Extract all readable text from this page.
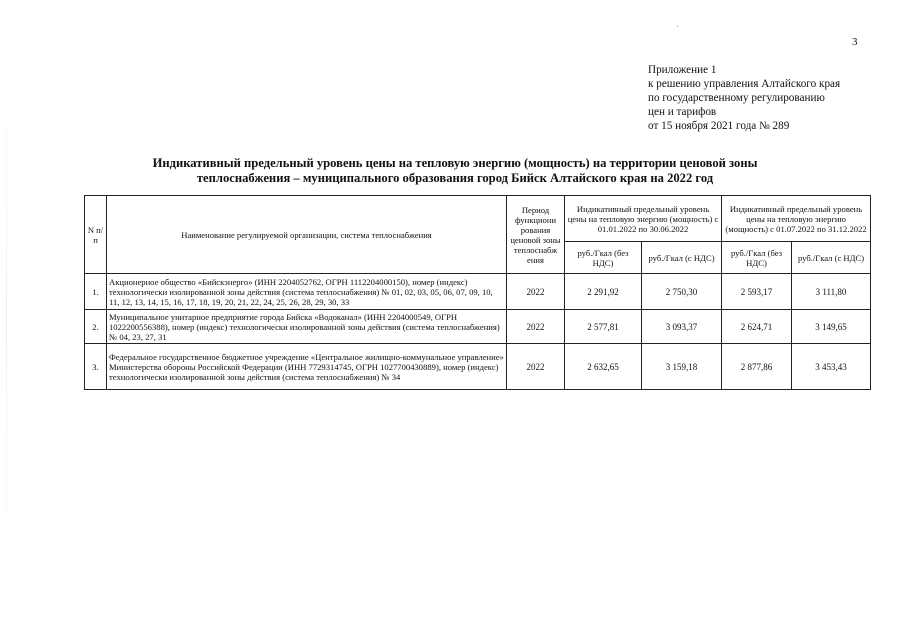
·
3
Приложение 1
к решению управления Алтайского края
по государственному регулированию
цен и тарифов
от 15 ноября 2021 года № 289
Индикативный предельный уровень цены на тепловую энергию (мощность) на территории ценовой зоны
теплоснабжения – муниципального образования город Бийск Алтайского края на 2022 год
N п/п	Наименование регулируемой организации, система теплоснабжения	Период функциони рования ценовой зоны теплоснабж ения	Индикативный предельный уровень цены на тепловую энергию (мощность) с 01.01.2022 по 30.06.2022		Индикативный предельный уровень цены на тепловую энергию (мощность) с 01.07.2022 по 31.12.2022	
			руб./Гкал (без НДС)	руб./Гкал (с НДС)	руб./Гкал (без НДС)	руб./Гкал (с НДС)
1.	Акционерное общество «Бийскэнерго» (ИНН 2204052762, ОГРН 1112204000150), номер (индекс) технологически изолированной зоны действия (система теплоснабжения) № 01, 02, 03, 05, 06, 07, 09, 10, 11, 12, 13, 14, 15, 16, 17, 18, 19, 20, 21, 22, 24, 25, 26, 28, 29, 30, 33	2022	2 291,92	2 750,30	2 593,17	3 111,80
2.	Муниципальное унитарное предприятие города Бийска «Водоканал» (ИНН 2204000549, ОГРН 1022200556388), номер (индекс) технологически изолированной зоны действия (система теплоснабжения) № 04, 23, 27, 31	2022	2 577,81	3 093,37	2 624,71	3 149,65
3.	Федеральное государственное бюджетное учреждение «Центральное жилищно-коммунальное управление» Министерства обороны Российской Федерации (ИНН 7729314745, ОГРН 1027700430889), номер (индекс) технологически изолированной зоны действия (система теплоснабжения) № 34	2022	2 632,65	3 159,18	2 877,86	3 453,43
